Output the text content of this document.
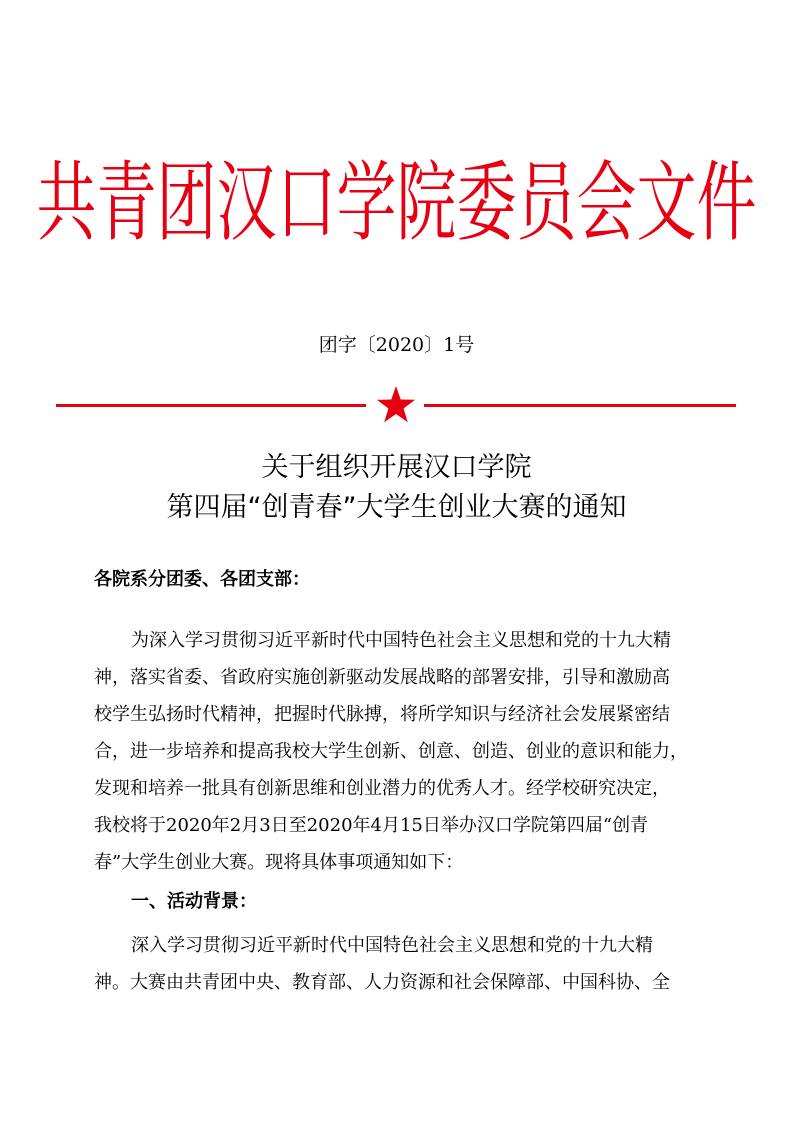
共青团汉口学院委员会文件
团字〔2020〕1号
关于组织开展汉口学院
第四届“创青春”大学生创业大赛的通知
各院系分团委、各团支部：
为深入学习贯彻习近平新时代中国特色社会主义思想和党的十九大精
神，落实省委、省政府实施创新驱动发展战略的部署安排，引导和激励高
校学生弘扬时代精神，把握时代脉搏，将所学知识与经济社会发展紧密结
合，进一步培养和提高我校大学生创新、创意、创造、创业的意识和能力，
发现和培养一批具有创新思维和创业潜力的优秀人才。经学校研究决定，
我校将于2020年2月3日至2020年4月15日举办汉口学院第四届“创青
春”大学生创业大赛。现将具体事项通知如下：
一、活动背景：
深入学习贯彻习近平新时代中国特色社会主义思想和党的十九大精
神。大赛由共青团中央、教育部、人力资源和社会保障部、中国科协、全
